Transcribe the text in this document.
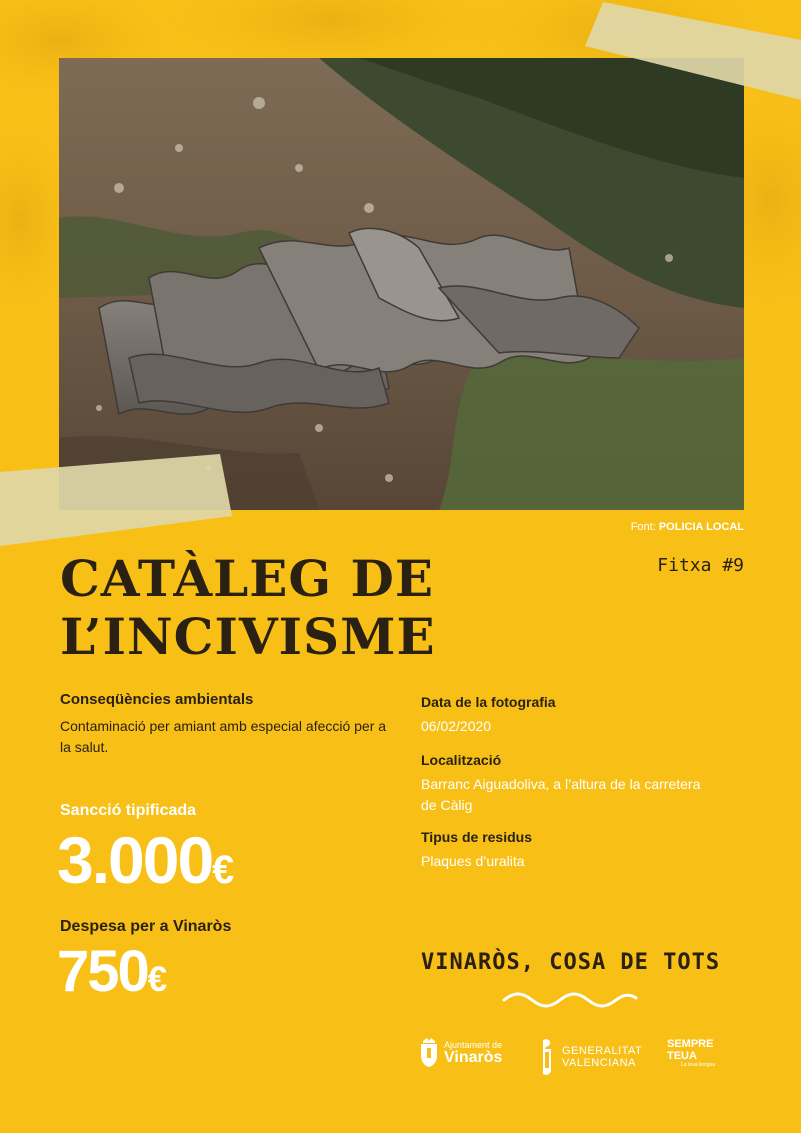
Font: POLICIA LOCAL
CATÀLEG DE
L’INCIVISME
Fitxa #9
Conseqüències ambientals
Contaminació per amiant amb especial afecció per a la salut.
Sancció tipificada
3.000€
Despesa per a Vinaròs
750€
Data de la fotografia
06/02/2020
Localització
Barranc Aiguadoliva, a l’altura de la carretera de Càlig
Tipus de residus
Plaques d’uralita
VINARÒS, COSA DE TOTS
Ajuntament de
Vinaròs	GENERALITAT
VALENCIANA
SEMPRE
TEUA
La teua llengua
